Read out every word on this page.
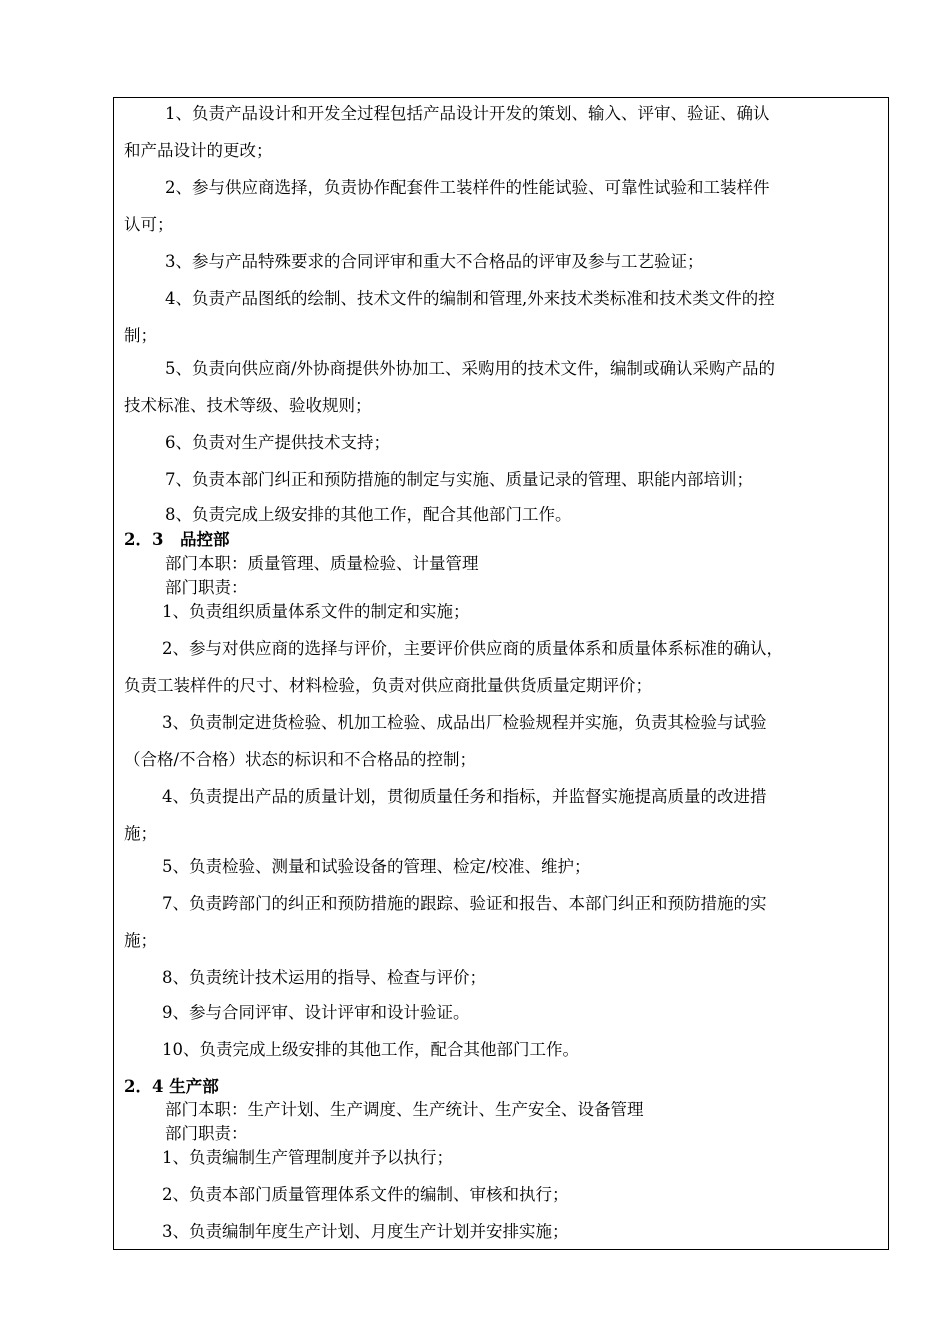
1、负责产品设计和开发全过程包括产品设计开发的策划、输入、评审、验证、确认

和产品设计的更改；

2、参与供应商选择，负责协作配套件工装样件的性能试验、可靠性试验和工装样件

认可；

3、参与产品特殊要求的合同评审和重大不合格品的评审及参与工艺验证；

4、负责产品图纸的绘制、技术文件的编制和管理,外来技术类标准和技术类文件的控

制；

5、负责向供应商/外协商提供外协加工、采购用的技术文件，编制或确认采购产品的

技术标准、技术等级、验收规则；

6、负责对生产提供技术支持；

7、负责本部门纠正和预防措施的制定与实施、质量记录的管理、职能内部培训；

8、负责完成上级安排的其他工作，配合其他部门工作。

2．3　品控部

部门本职：质量管理、质量检验、计量管理

部门职责：

1、负责组织质量体系文件的制定和实施；

2、参与对供应商的选择与评价，主要评价供应商的质量体系和质量体系标准的确认，

负责工装样件的尺寸、材料检验，负责对供应商批量供货质量定期评价；

3、负责制定进货检验、机加工检验、成品出厂检验规程并实施，负责其检验与试验

（合格/不合格）状态的标识和不合格品的控制；

4、负责提出产品的质量计划，贯彻质量任务和指标，并监督实施提高质量的改进措

施；

5、负责检验、测量和试验设备的管理、检定/校准、维护；

7、负责跨部门的纠正和预防措施的跟踪、验证和报告、本部门纠正和预防措施的实

施；

8、负责统计技术运用的指导、检查与评价；

9、参与合同评审、设计评审和设计验证。

10、负责完成上级安排的其他工作，配合其他部门工作。

2．4 生产部

部门本职：生产计划、生产调度、生产统计、生产安全、设备管理

部门职责：

1、负责编制生产管理制度并予以执行；

2、负责本部门质量管理体系文件的编制、审核和执行；

3、负责编制年度生产计划、月度生产计划并安排实施；
